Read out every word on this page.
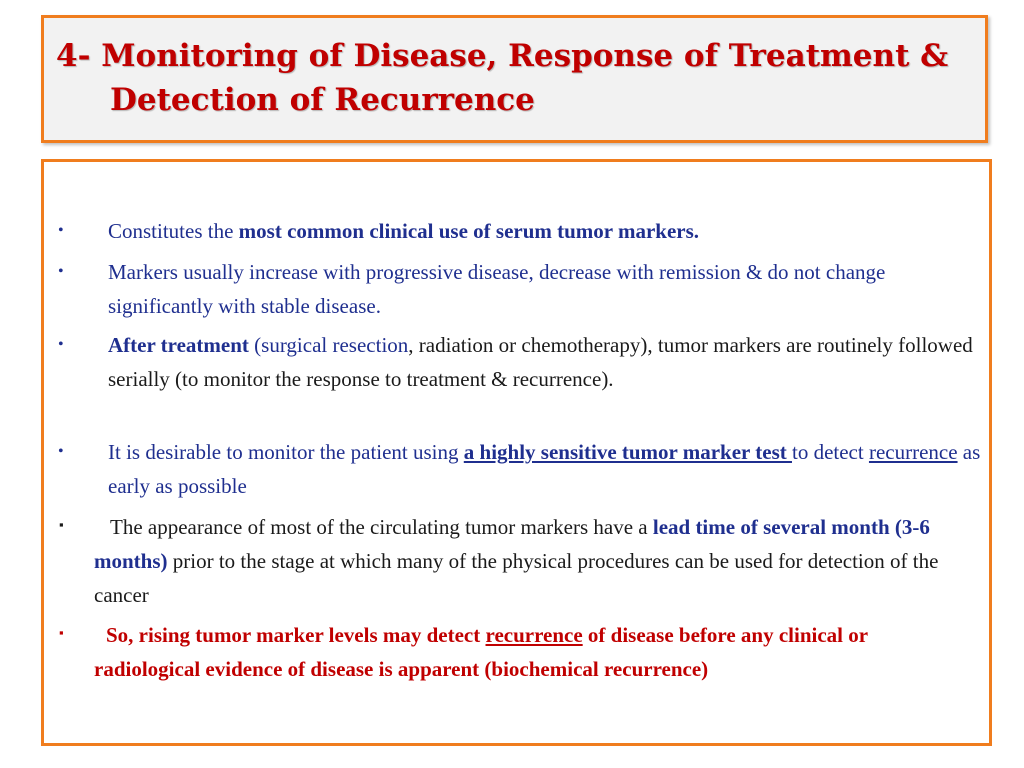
4- Monitoring of Disease, Response of Treatment &
Detection of Recurrence
• Constitutes the most common clinical use of serum tumor markers.
• Markers usually increase with progressive disease, decrease with remission & do not change significantly with stable disease.
• After treatment (surgical resection, radiation or chemotherapy), tumor markers are routinely followed serially (to monitor the response to treatment & recurrence).
• It is desirable to monitor the patient using a highly sensitive tumor marker test to detect recurrence as early as possible
▪	The appearance of most of the circulating tumor markers have a lead time of several month (3-6 months) prior to the stage at which many of the physical procedures can be used for detection of the cancer
▪	So, rising tumor marker levels may detect recurrence of disease before any clinical or radiological evidence of disease is apparent (biochemical recurrence)
